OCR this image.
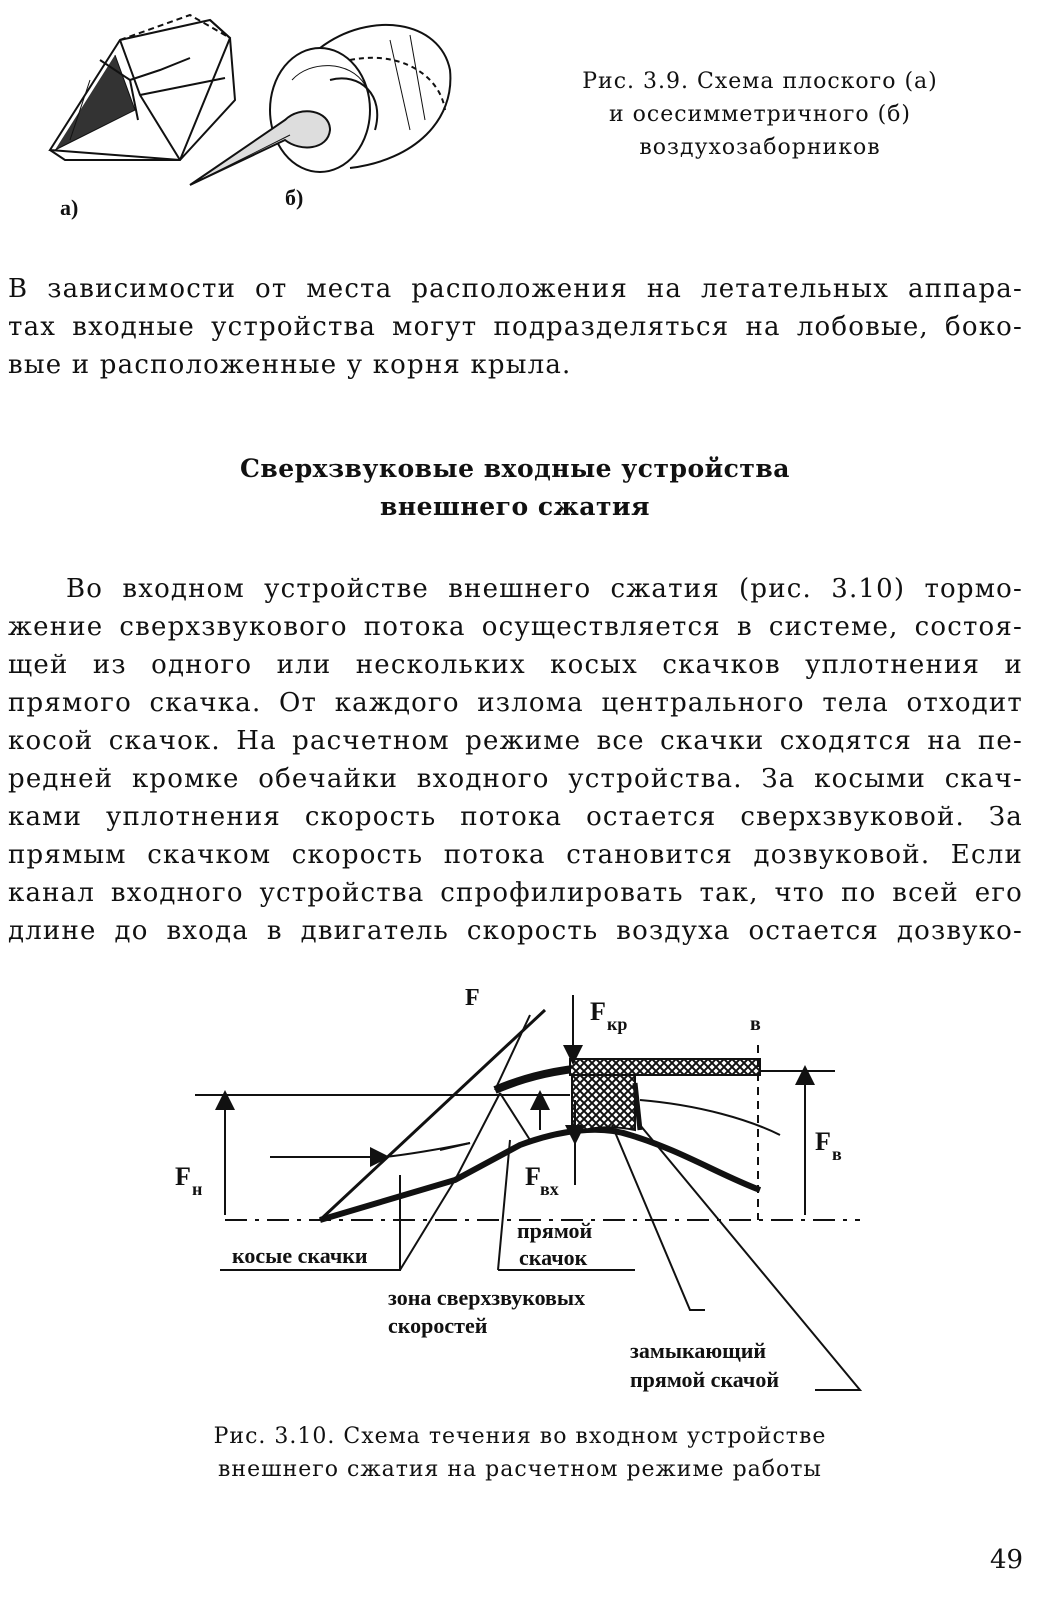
а)	б)
Рис. 3.9. Схема плоского (а)
и осесимметричного (б)
воздухозаборников
В зависимости от места расположения на летательных аппара-
тах входные устройства могут подразделяться на лобовые, боко-
вые и расположенные у корня крыла.
Сверхзвуковые входные устройства
внешнего сжатия
Во входном устройстве внешнего сжатия (рис. 3.10) тормо-
жение сверхзвукового потока осуществляется в системе, состоя-
щей из одного или нескольких косых скачков уплотнения и
прямого скачка. От каждого излома центрального тела отходит
косой скачок. На расчетном режиме все скачки сходятся на пе-
редней кромке обечайки входного устройства. За косыми скач-
ками уплотнения скорость потока остается сверхзвуковой. За
прямым скачком скорость потока становится дозвуковой. Если
канал входного устройства спрофилировать так, что по всей его
длине до входа в двигатель скорость воздуха остается дозвуко-
F	F кр	в
F в
F н	F вх
косые скачки
прямой
скачок
зона сверхзвуковых
скоростей
замыкающий
прямой скачой
Рис. 3.10. Схема течения во входном устройстве
внешнего сжатия на расчетном режиме работы
49
